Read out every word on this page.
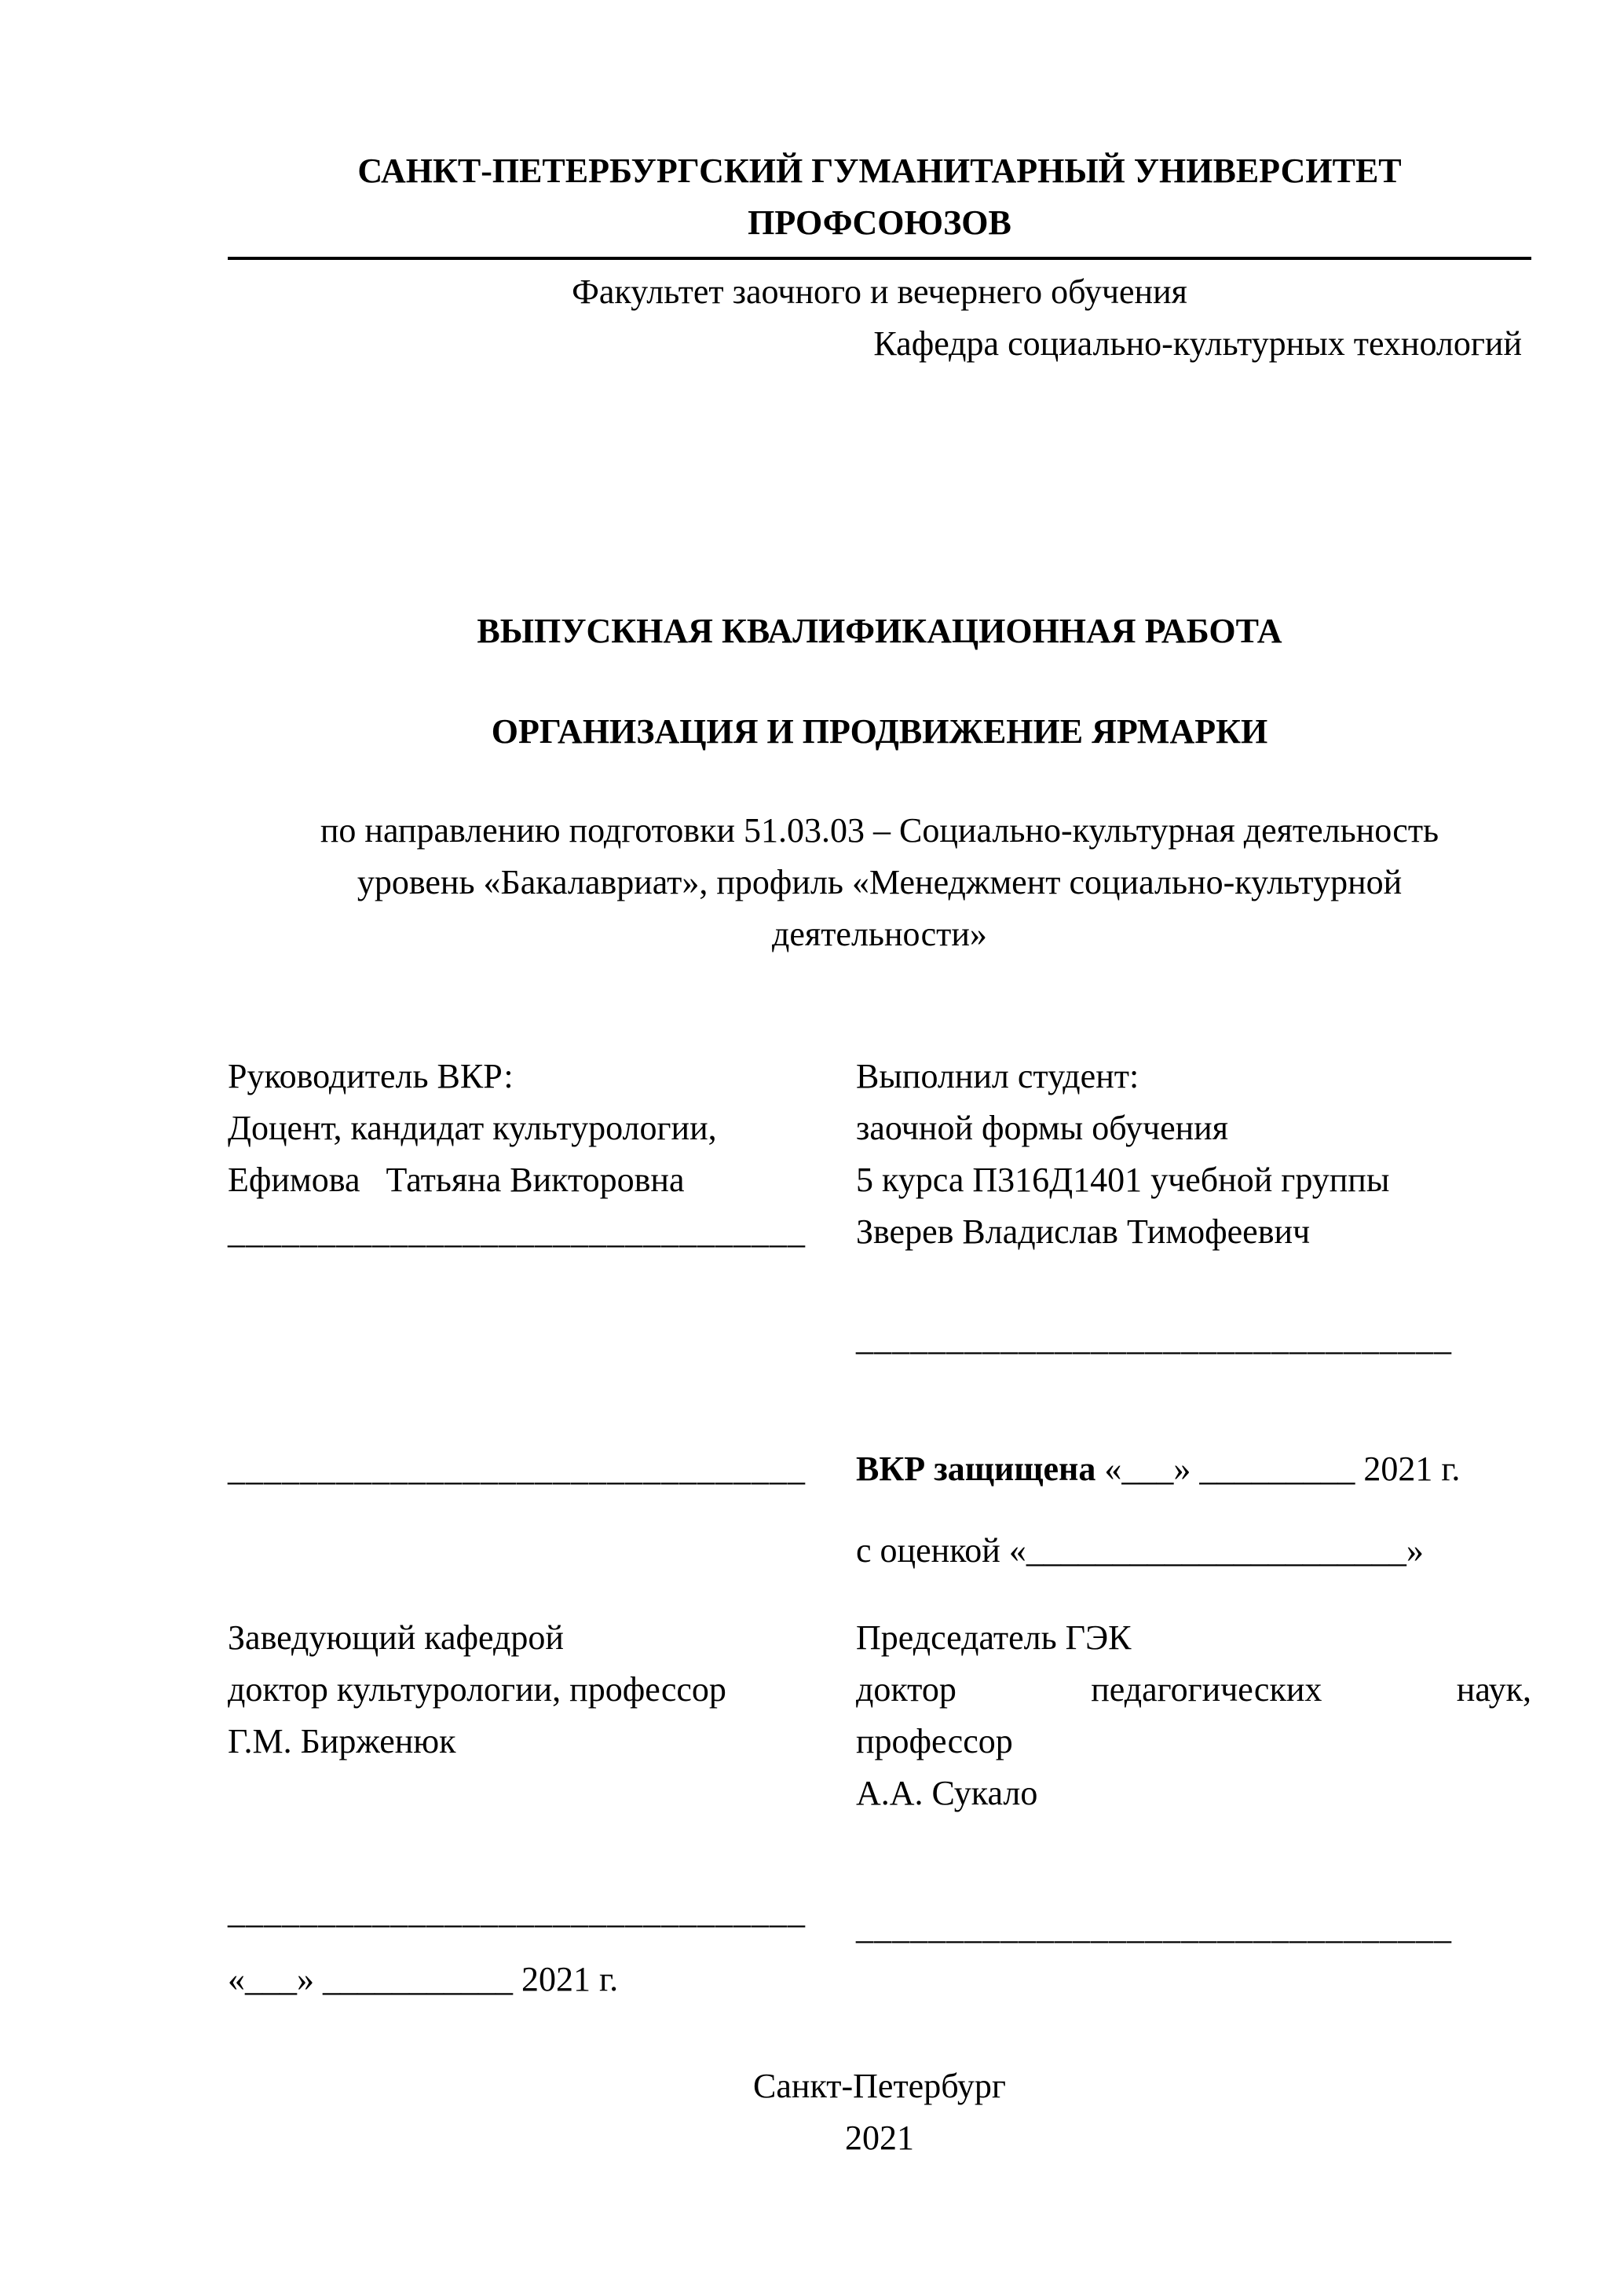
САНКТ-ПЕТЕРБУРГСКИЙ ГУМАНИТАРНЫЙ УНИВЕРСИТЕТ ПРОФСОЮЗОВ
Факультет заочного и вечернего обучения
Кафедра социально-культурных технологий
ВЫПУСКНАЯ КВАЛИФИКАЦИОННАЯ РАБОТА
ОРГАНИЗАЦИЯ И ПРОДВИЖЕНИЕ ЯРМАРКИ
по направлению подготовки 51.03.03 – Социально-культурная деятельность
уровень «Бакалавриат», профиль «Менеджмент социально-культурной
деятельности»

Руководитель ВКР:

Доцент, кандидат культурологии,

Ефимова   Татьяна Викторовна

________________________________

Выполнил студент:

заочной формы обучения

5 курса П316Д1401 учебной группы

Зверев Владислав Тимофеевич

_________________________________

________________________________	ВКР защищена «___» _________ 2021 г.

с оценкой «______________________»

Заведующий кафедрой

доктор культурологии, профессор

Г.М. Бирженюк

Председатель ГЭК

доктор педагогических наук,

профессор

А.А. Сукало

________________________________

«___» ___________ 2021 г.

_________________________________

Санкт-Петербург
2021
